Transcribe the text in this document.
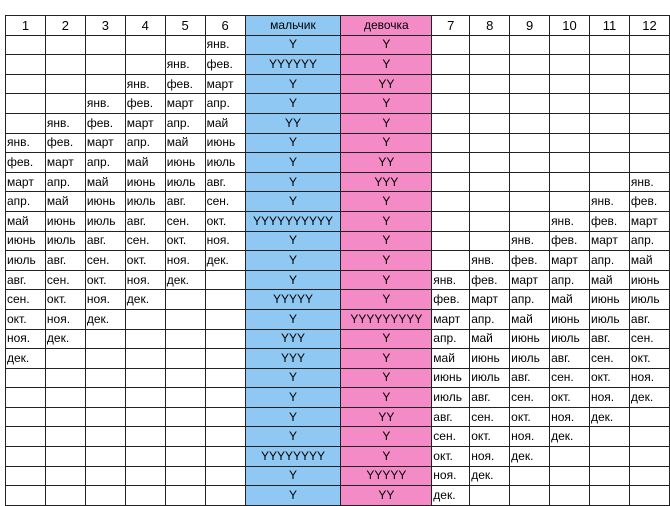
1	2	3	4	5	6	мальчик	девочка	7	8	9	10	11	12
					янв.	Y	Y						
				янв.	фев.	YYYYYY	Y						
			янв.	фев.	март	Y	YY						
		янв.	фев.	март	апр.	Y	Y						
	янв.	фев.	март	апр.	май	YY	Y						
янв.	фев.	март	апр.	май	июнь	Y	Y						
фев.	март	апр.	май	июнь	июль	Y	YY						
март	апр.	май	июнь	июль	авг.	Y	YYY						янв.
апр.	май	июнь	июль	авг.	сен.	Y	Y					янв.	фев.
май	июнь	июль	авг.	сен.	окт.	YYYYYYYYYY	Y				янв.	фев.	март
июнь	июль	авг.	сен.	окт.	ноя.	Y	Y			янв.	фев.	март	апр.
июль	авг.	сен.	окт.	ноя.	дек.	Y	Y		янв.	фев.	март	апр.	май
авг.	сен.	окт.	ноя.	дек.		Y	Y	янв.	фев.	март	апр.	май	июнь
сен.	окт.	ноя.	дек.			YYYYY	Y	фев.	март	апр.	май	июнь	июль
окт.	ноя.	дек.				Y	YYYYYYYYY	март	апр.	май	июнь	июль	авг.
ноя.	дек.					YYY	Y	апр.	май	июнь	июль	авг.	сен.
дек.						YYY	Y	май	июнь	июль	авг.	сен.	окт.
						Y	Y	июнь	июль	авг.	сен.	окт.	ноя.
						Y	Y	июль	авг.	сен.	окт.	ноя.	дек.
						Y	YY	авг.	сен.	окт.	ноя.	дек.	
						Y	Y	сен.	окт.	ноя.	дек.		
						YYYYYYYY	Y	окт.	ноя.	дек.			
						Y	YYYYY	ноя.	дек.				
						Y	YY	дек.					
